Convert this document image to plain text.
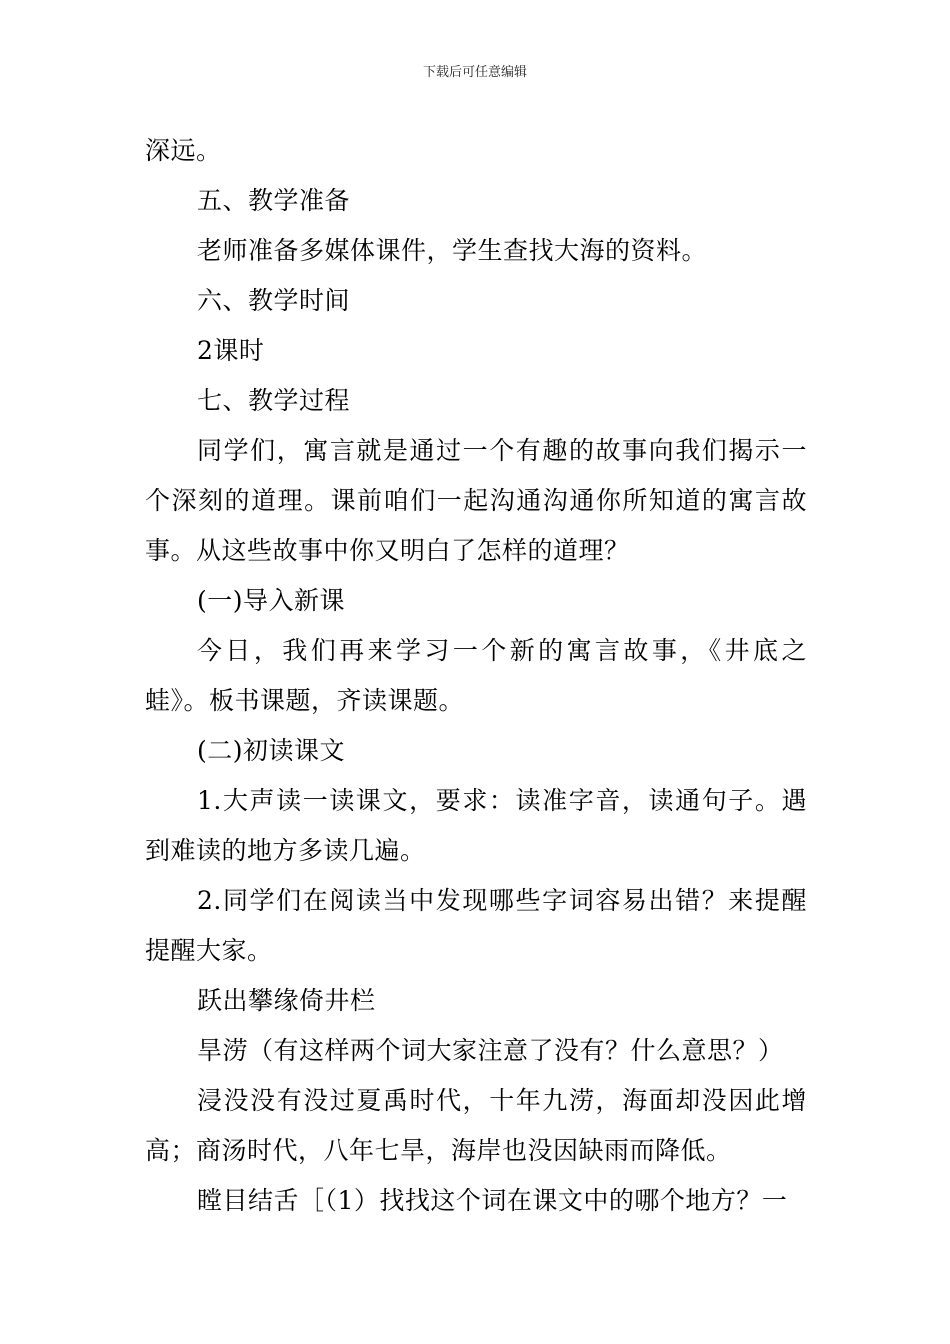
下载后可任意编辑

深远。

五、教学准备

老师准备多媒体课件，学生查找大海的资料。

六、教学时间

2课时

七、教学过程

同学们，寓言就是通过一个有趣的故事向我们揭示一个深刻的道理。课前咱们一起沟通沟通你所知道的寓言故事。从这些故事中你又明白了怎样的道理？

(一)导入新课

今日，我们再来学习一个新的寓言故事，《井底之蛙》。板书课题，齐读课题。

(二)初读课文

1.大声读一读课文，要求：读准字音，读通句子。遇到难读的地方多读几遍。

2.同学们在阅读当中发现哪些字词容易出错？来提醒提醒大家。

跃出攀缘倚井栏

旱涝（有这样两个词大家注意了没有？什么意思？）

浸没没有没过夏禹时代，十年九涝，海面却没因此增高；商汤时代，八年七旱，海岸也没因缺雨而降低。

瞠目结舌［（1）找找这个词在课文中的哪个地方？一
